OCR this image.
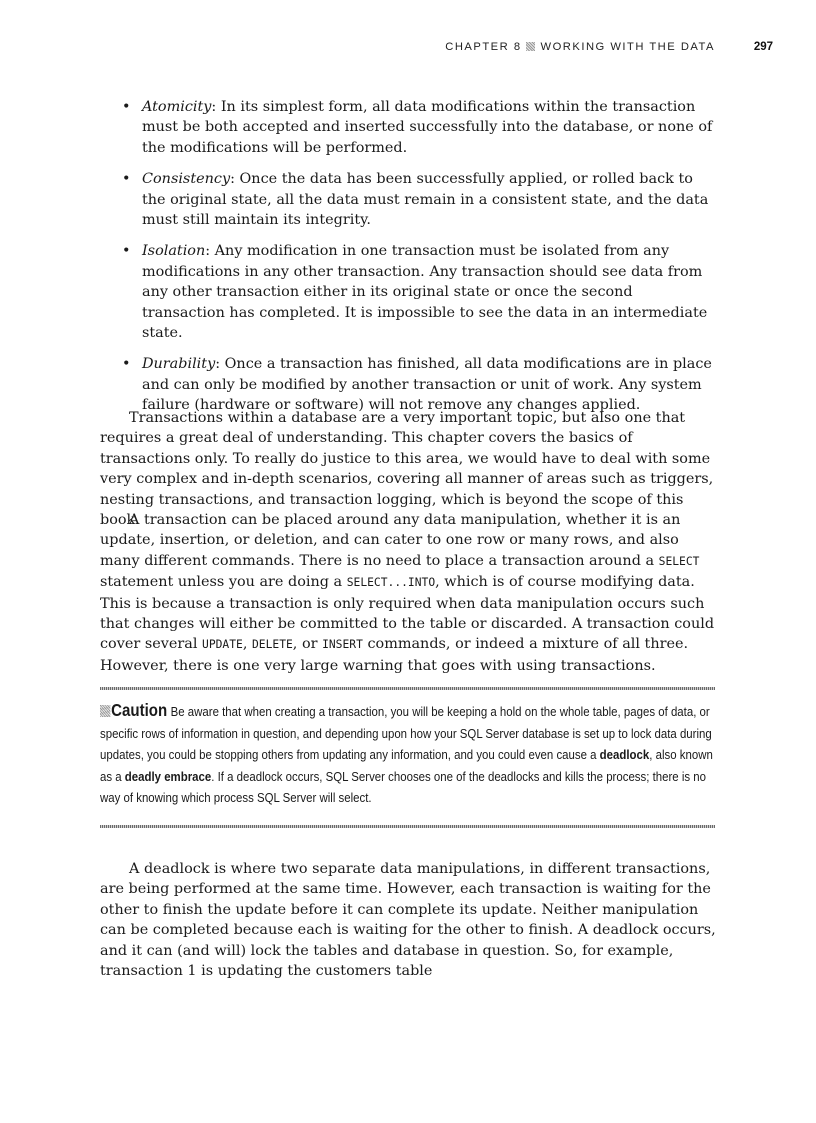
CHAPTER 8 WORKING WITH THE DATA	297
• Atomicity: In its simplest form, all data modifications within the transaction must be both accepted and inserted successfully into the database, or none of the modifications will be performed.
• Consistency: Once the data has been successfully applied, or rolled back to the original state, all the data must remain in a consistent state, and the data must still maintain its integrity.
• Isolation: Any modification in one transaction must be isolated from any modifications in any other transaction. Any transaction should see data from any other transaction either in its original state or once the second transaction has completed. It is impossible to see the data in an intermediate state.
• Durability: Once a transaction has finished, all data modifications are in place and can only be modified by another transaction or unit of work. Any system failure (hardware or software) will not remove any changes applied.

Transactions within a database are a very important topic, but also one that requires a great deal of understanding. This chapter covers the basics of transactions only. To really do justice to this area, we would have to deal with some very complex and in-depth scenarios, covering all manner of areas such as triggers, nesting transactions, and transaction logging, which is beyond the scope of this book.

A transaction can be placed around any data manipulation, whether it is an update, insertion, or deletion, and can cater to one row or many rows, and also many different commands. There is no need to place a transaction around a SELECT statement unless you are doing a SELECT...INTO, which is of course modifying data. This is because a transaction is only required when data manipulation occurs such that changes will either be committed to the table or discarded. A transaction could cover several UPDATE, DELETE, or INSERT commands, or indeed a mixture of all three. However, there is one very large warning that goes with using transactions.

Caution Be aware that when creating a transaction, you will be keeping a hold on the whole table, pages of data, or specific rows of information in question, and depending upon how your SQL Server database is set up to lock data during updates, you could be stopping others from updating any information, and you could even cause a deadlock, also known as a deadly embrace. If a deadlock occurs, SQL Server chooses one of the deadlocks and kills the process; there is no way of knowing which process SQL Server will select.

A deadlock is where two separate data manipulations, in different transactions, are being performed at the same time. However, each transaction is waiting for the other to finish the update before it can complete its update. Neither manipulation can be completed because each is waiting for the other to finish. A deadlock occurs, and it can (and will) lock the tables and database in question. So, for example, transaction 1 is updating the customers table
